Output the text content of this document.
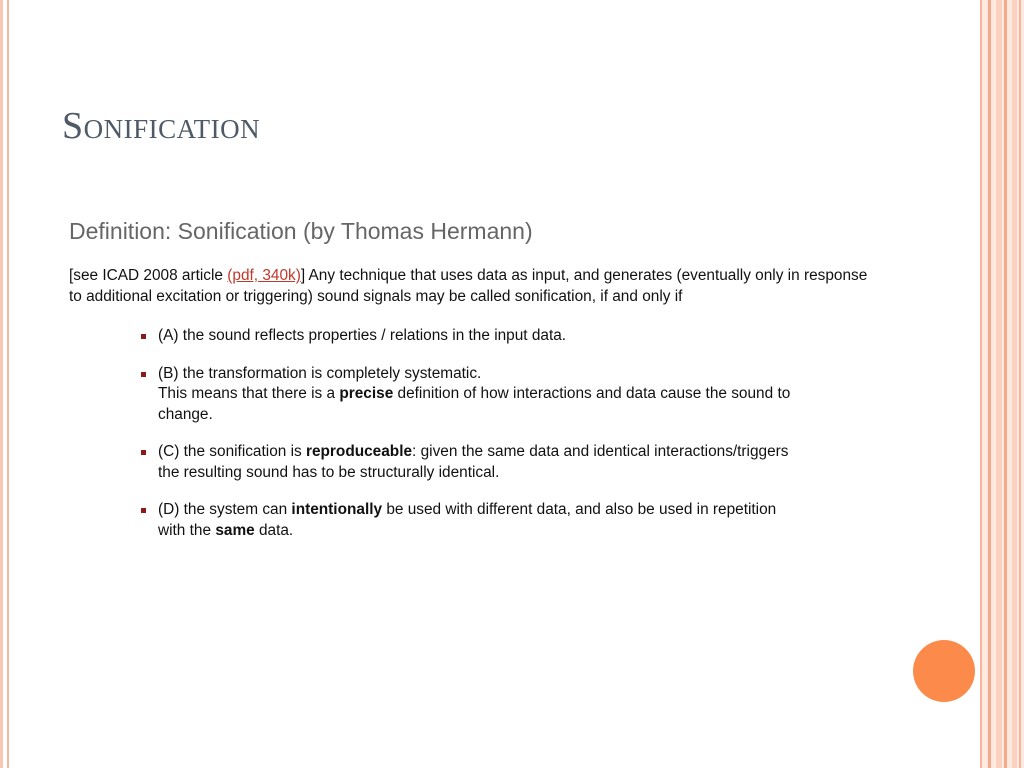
Sonification
Definition: Sonification (by Thomas Hermann)

[see ICAD 2008 article (pdf, 340k)] Any technique that uses data as input, and generates (eventually only in response to additional excitation or triggering) sound signals may be called sonification, if and only if

(A) the sound reflects properties / relations in the input data.
(B) the transformation is completely systematic.
This means that there is a precise definition of how interactions and data cause the sound to change.
(C) the sonification is reproduceable: given the same data and identical interactions/triggers the resulting sound has to be structurally identical.
(D) the system can intentionally be used with different data, and also be used in repetition with the same data.
